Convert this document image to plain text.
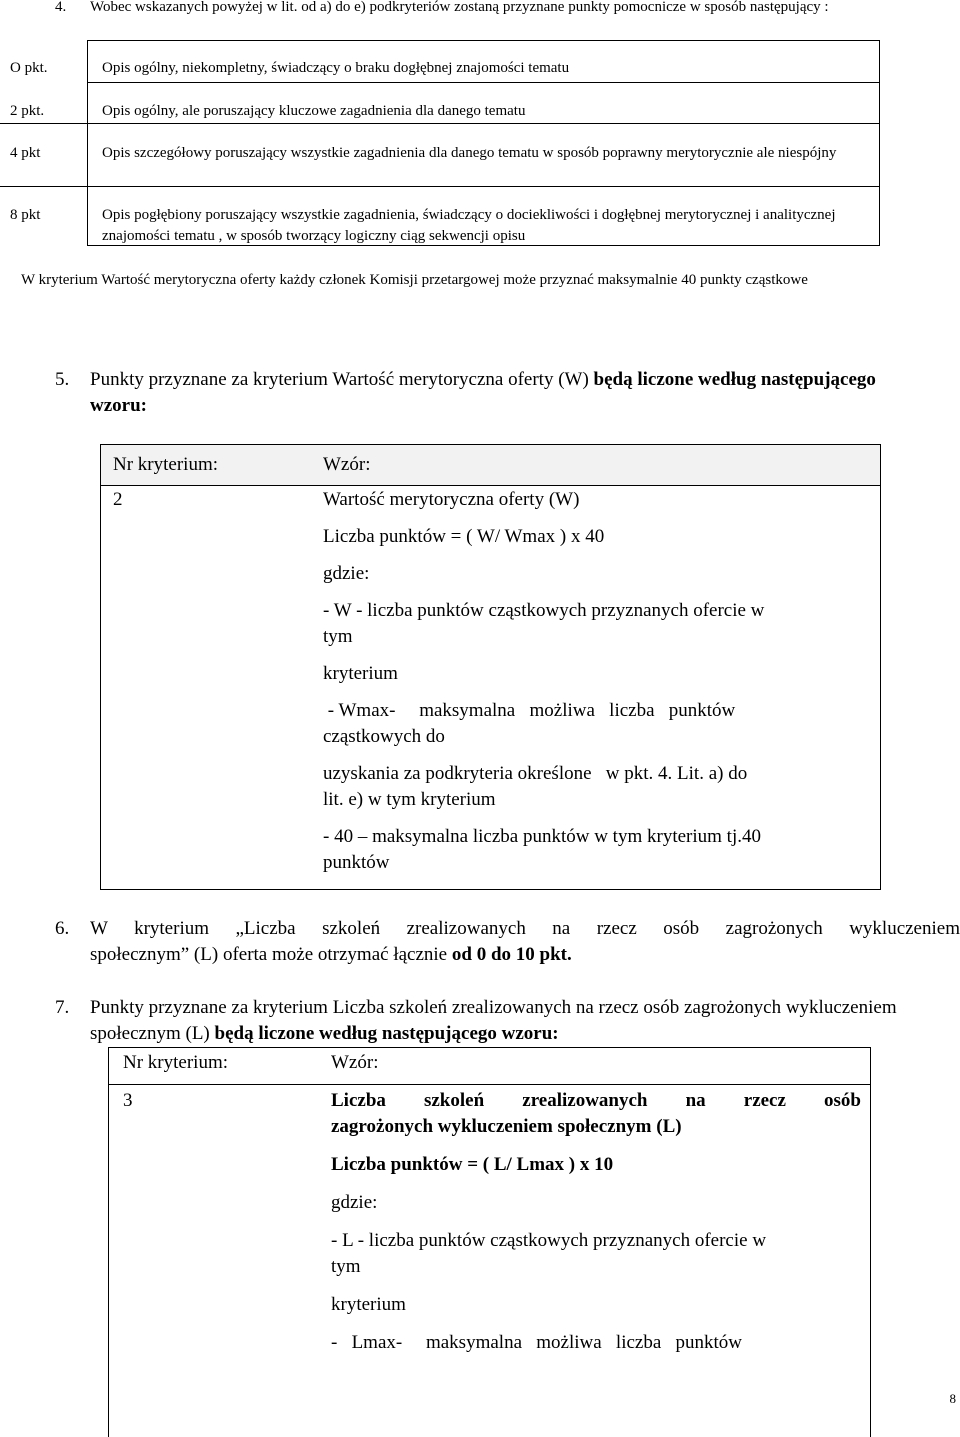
4. Wobec wskazanych powyżej w lit. od a) do e) podkryteriów zostaną przyznane punkty pomocnicze w sposób następujący :
O pkt.	Opis ogólny, niekompletny, świadczący o braku dogłębnej znajomości tematu
2 pkt.	Opis ogólny, ale poruszający kluczowe zagadnienia dla danego tematu
4 pkt	Opis szczegółowy poruszający wszystkie zagadnienia dla danego tematu w sposób poprawny merytorycznie ale niespójny
8 pkt	Opis pogłębiony poruszający wszystkie zagadnienia, świadczący o dociekliwości i dogłębnej merytorycznej i analitycznej znajomości tematu , w sposób tworzący logiczny ciąg sekwencji opisu
W kryterium Wartość merytoryczna oferty każdy członek Komisji przetargowej może przyznać maksymalnie 40 punkty cząstkowe
5. Punkty przyznane za kryterium Wartość merytoryczna oferty (W) będą liczone według następującego wzoru:
Nr kryterium:	Wzór:
2	Wartość merytoryczna oferty (W)
Liczba punktów = ( W/ Wmax ) x 40
gdzie:
- W - liczba punktów cząstkowych przyznanych ofercie w
tym
kryterium
- Wmax-     maksymalna   możliwa   liczba   punktów
cząstkowych do
uzyskania za podkryteria określone   w pkt. 4. Lit. a) do
lit. e) w tym kryterium
- 40 – maksymalna liczba punktów w tym kryterium tj.40
punktów
6. W kryterium „Liczba szkoleń zrealizowanych na rzecz osób zagrożonych wykluczeniem
społecznym” (L) oferta może otrzymać łącznie od 0 do 10 pkt.
7. Punkty przyznane za kryterium Liczba szkoleń zrealizowanych na rzecz osób zagrożonych wykluczeniem społecznym (L) będą liczone według następującego wzoru:
Nr kryterium:	Wzór:
3	Liczba   szkoleń   zrealizowanych   na   rzecz   osób
zagrożonych wykluczeniem społecznym (L)
Liczba punktów = ( L/ Lmax ) x 10
gdzie:
- L - liczba punktów cząstkowych przyznanych ofercie w
tym
kryterium
-   Lmax-     maksymalna   możliwa   liczba   punktów
8
